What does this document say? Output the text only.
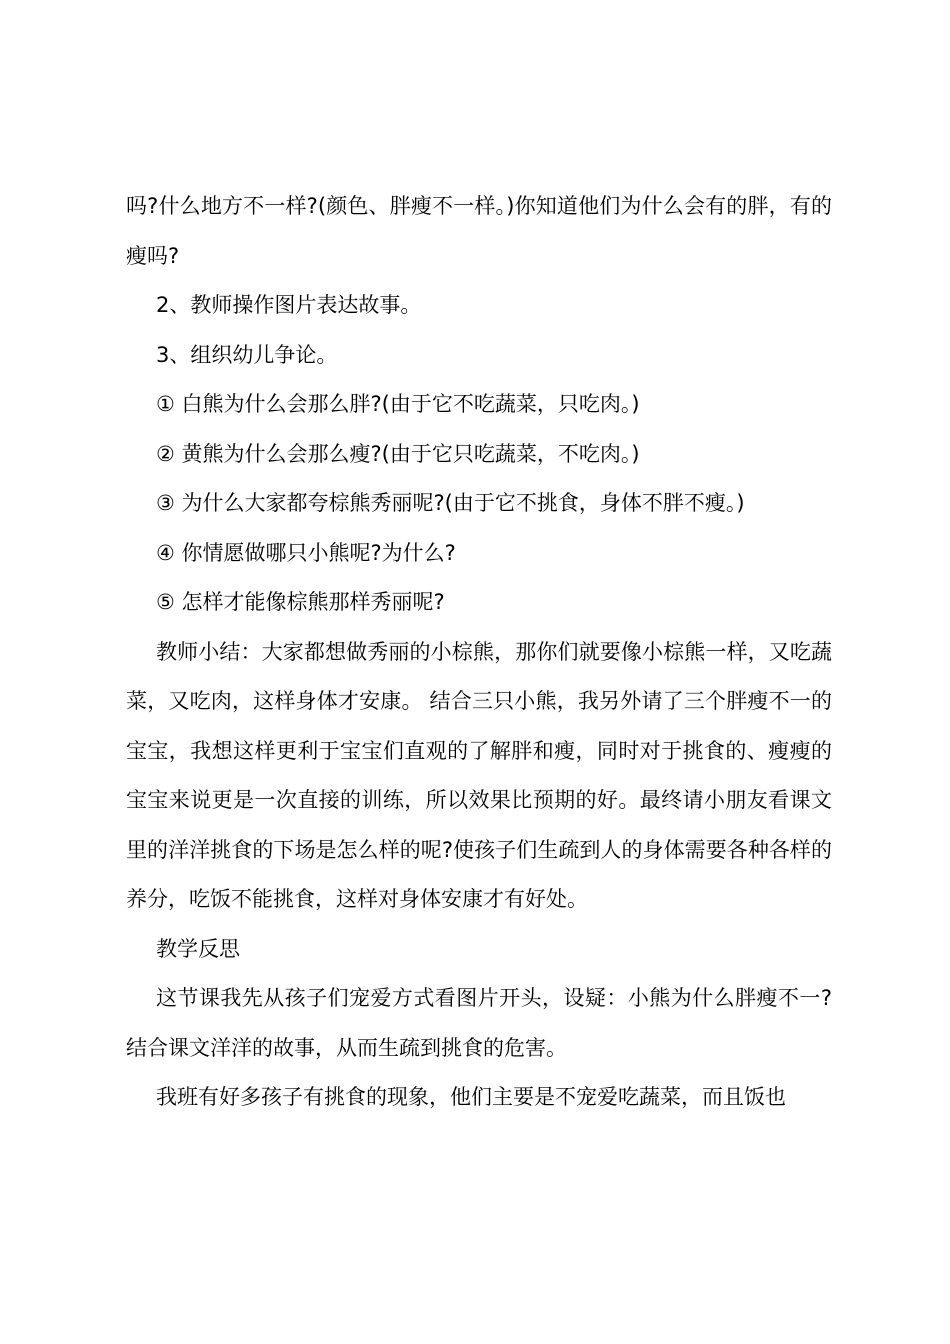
吗?什么地方不一样?(颜色、胖瘦不一样。)你知道他们为什么会有的胖，有的瘦吗?

2、教师操作图片表达故事。

3、组织幼儿争论。

① 白熊为什么会那么胖?(由于它不吃蔬菜，只吃肉。)

② 黄熊为什么会那么瘦?(由于它只吃蔬菜，不吃肉。)

③ 为什么大家都夸棕熊秀丽呢?(由于它不挑食，身体不胖不瘦。)

④ 你情愿做哪只小熊呢?为什么?

⑤ 怎样才能像棕熊那样秀丽呢?

教师小结：大家都想做秀丽的小棕熊，那你们就要像小棕熊一样，又吃蔬菜，又吃肉，这样身体才安康。 结合三只小熊，我另外请了三个胖瘦不一的宝宝，我想这样更利于宝宝们直观的了解胖和瘦，同时对于挑食的、瘦瘦的宝宝来说更是一次直接的训练，所以效果比预期的好。最终请小朋友看课文里的洋洋挑食的下场是怎么样的呢?使孩子们生疏到人的身体需要各种各样的养分，吃饭不能挑食，这样对身体安康才有好处。

教学反思

这节课我先从孩子们宠爱方式看图片开头，设疑：小熊为什么胖瘦不一?结合课文洋洋的故事，从而生疏到挑食的危害。

我班有好多孩子有挑食的现象，他们主要是不宠爱吃蔬菜，而且饭也
